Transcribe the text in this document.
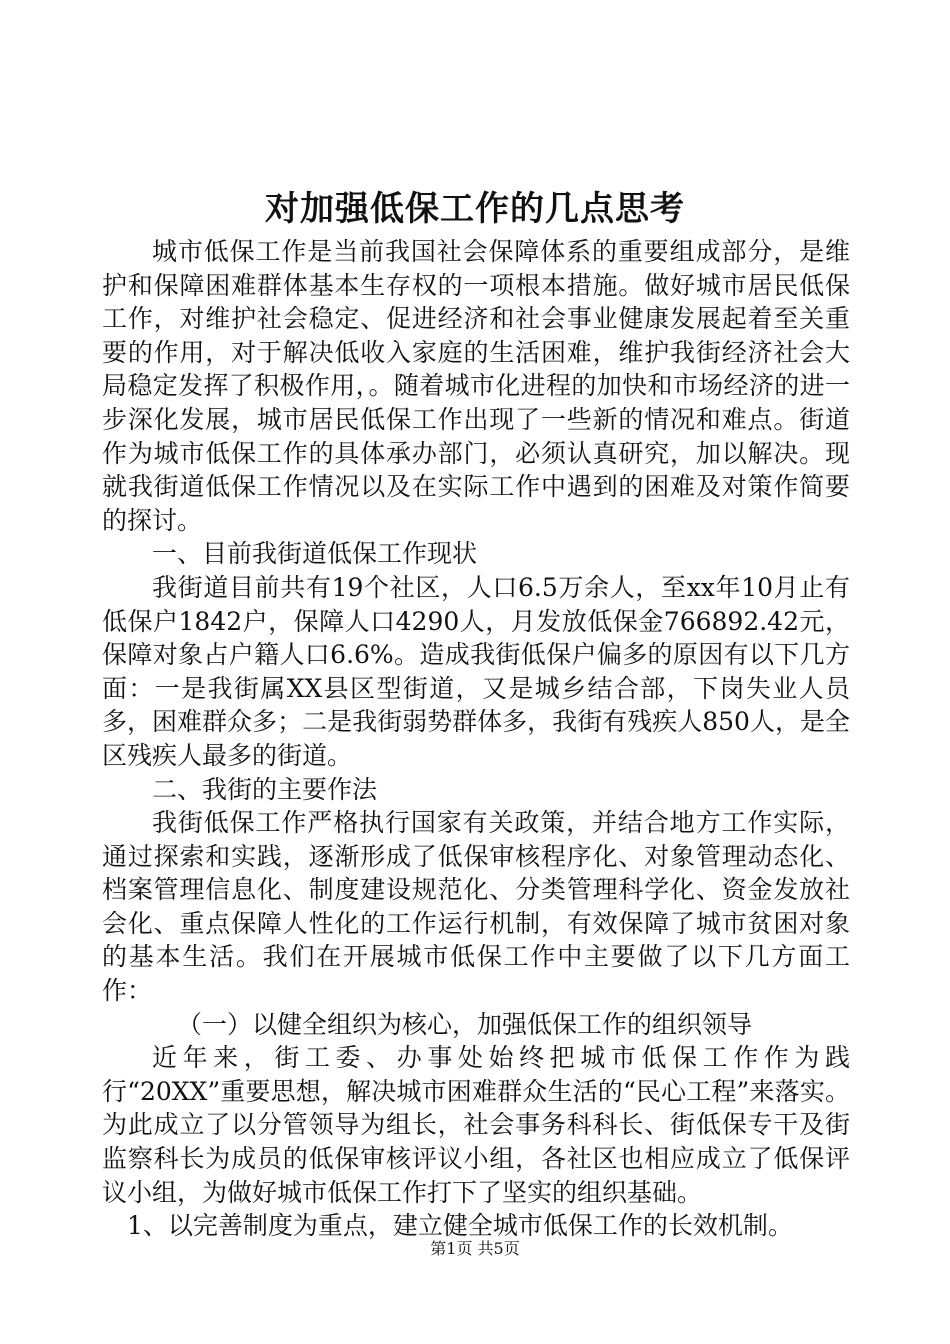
对加强低保工作的几点思考

城市低保工作是当前我国社会保障体系的重要组成部分，是维护和保障困难群体基本生存权的一项根本措施。做好城市居民低保工作，对维护社会稳定、促进经济和社会事业健康发展起着至关重要的作用，对于解决低收入家庭的生活困难，维护我街经济社会大局稳定发挥了积极作用，。随着城市化进程的加快和市场经济的进一步深化发展，城市居民低保工作出现了一些新的情况和难点。街道作为城市低保工作的具体承办部门，必须认真研究，加以解决。现就我街道低保工作情况以及在实际工作中遇到的困难及对策作简要的探讨。

一、目前我街道低保工作现状

我街道目前共有19个社区，人口6.5万余人，至xx年10月止有低保户1842户，保障人口4290人，月发放低保金766892.42元，保障对象占户籍人口6.6%。造成我街低保户偏多的原因有以下几方面：一是我街属XX县区型街道，又是城乡结合部，下岗失业人员多，困难群众多；二是我街弱势群体多，我街有残疾人850人，是全区残疾人最多的街道。

二、我街的主要作法

我街低保工作严格执行国家有关政策，并结合地方工作实际，通过探索和实践，逐渐形成了低保审核程序化、对象管理动态化、档案管理信息化、制度建设规范化、分类管理科学化、资金发放社会化、重点保障人性化的工作运行机制，有效保障了城市贫困对象的基本生活。我们在开展城市低保工作中主要做了以下几方面工作：

（一）以健全组织为核心，加强低保工作的组织领导

近年来，街工委、办事处始终把城市低保工作作为践行“20XX”重要思想，解决城市困难群众生活的“民心工程”来落实。为此成立了以分管领导为组长，社会事务科科长、街低保专干及街监察科长为成员的低保审核评议小组，各社区也相应成立了低保评议小组，为做好城市低保工作打下了坚实的组织基础。

1、以完善制度为重点，建立健全城市低保工作的长效机制。

第1页 共5页
